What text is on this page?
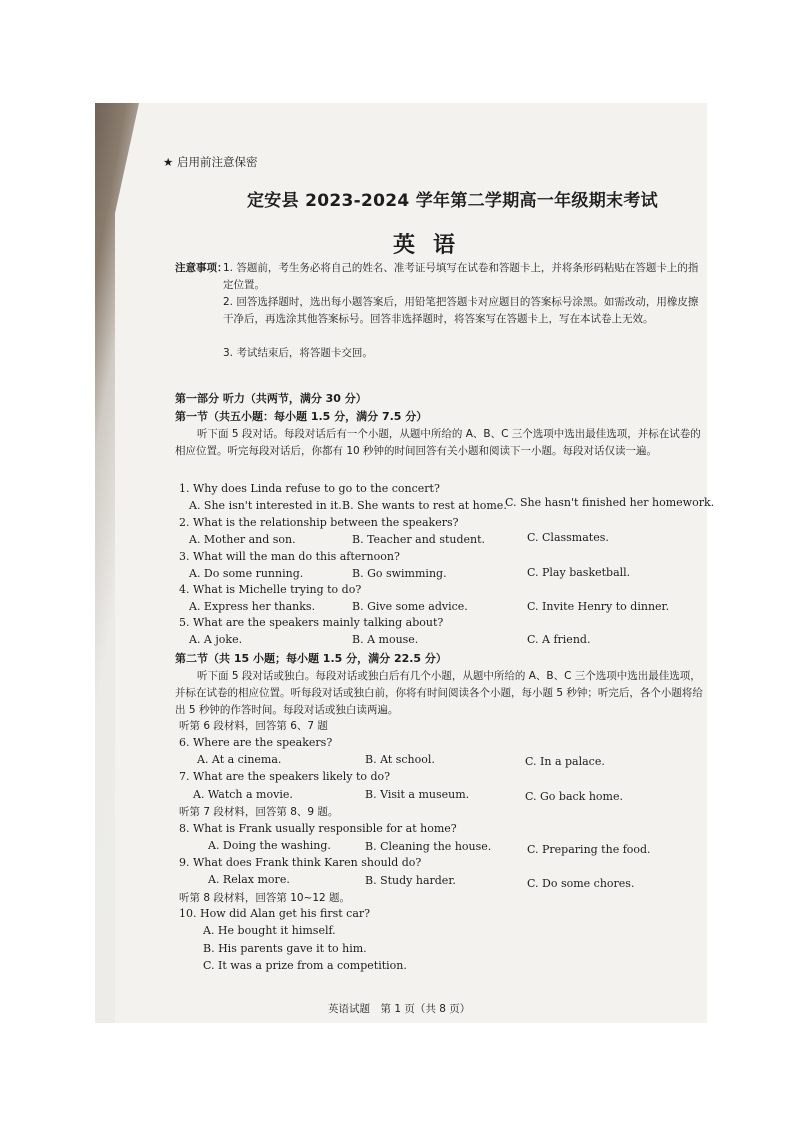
★ 启用前注意保密
定安县 2023-2024 学年第二学期高一年级期末考试
英语
注意事项：
1. 答题前，考生务必将自己的姓名、准考证号填写在试卷和答题卡上，并将条形码粘贴在答题卡上的指定位置。
2. 回答选择题时，选出每小题答案后，用铅笔把答题卡对应题目的答案标号涂黑。如需改动，用橡皮擦干净后，再选涂其他答案标号。回答非选择题时，将答案写在答题卡上，写在本试卷上无效。
3. 考试结束后，将答题卡交回。
第一部分 听力（共两节，满分 30 分）
第一节（共五小题：每小题 1.5 分，满分 7.5 分）
听下面 5 段对话。每段对话后有一个小题，从题中所给的 A、B、C 三个选项中选出最佳选项，并标在试卷的相应位置。听完每段对话后，你都有 10 秒钟的时间回答有关小题和阅读下一小题。每段对话仅读一遍。
1. Why does Linda refuse to go to the concert?
A. She isn't interested in it. B. She wants to rest at home.
C. She hasn't finished her homework.
2. What is the relationship between the speakers?
A. Mother and son.	B. Teacher and student.	C. Classmates.
3. What will the man do this afternoon?
A. Do some running.	B. Go swimming.	C. Play basketball.
4. What is Michelle trying to do?
A. Express her thanks.	B. Give some advice.	C. Invite Henry to dinner.
5. What are the speakers mainly talking about?
A. A joke.	B. A mouse.	C. A friend.
第二节（共 15 小题；每小题 1.5 分，满分 22.5 分）
听下面 5 段对话或独白。每段对话或独白后有几个小题，从题中所给的 A、B、C 三个选项中选出最佳选项，并标在试卷的相应位置。听每段对话或独白前，你将有时间阅读各个小题，每小题 5 秒钟；听完后，各个小题将给出 5 秒钟的作答时间。每段对话或独白读两遍。
听第 6 段材料，回答第 6、7 题
6. Where are the speakers?
A. At a cinema.	B. At school.	C. In a palace.
7. What are the speakers likely to do?
A. Watch a movie.	B. Visit a museum.	C. Go back home.
听第 7 段材料，回答第 8、9 题。
8. What is Frank usually responsible for at home?
A. Doing the washing.	B. Cleaning the house.	C. Preparing the food.
9. What does Frank think Karen should do?
A. Relax more.	B. Study harder.	C. Do some chores.
听第 8 段材料，回答第 10~12 题。
10. How did Alan get his first car?
A. He bought it himself.
B. His parents gave it to him.
C. It was a prize from a competition.
英语试题　第 1 页（共 8 页）
